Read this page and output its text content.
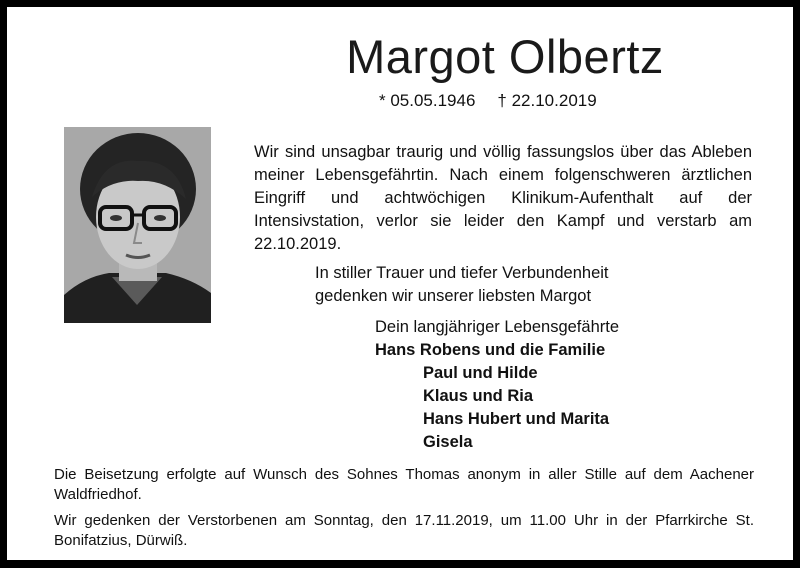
Margot Olbertz
* 05.05.1946 † 22.10.2019
Wir sind unsagbar traurig und völlig fassungslos über das Ableben meiner Lebensgefährtin. Nach einem folgenschweren ärztlichen Eingriff und achtwöchigen Klinikum-Aufenthalt auf der Intensivstation, verlor sie leider den Kampf und verstarb am 22.10.2019.
In stiller Trauer und tiefer Verbundenheit
gedenken wir unserer liebsten Margot
Dein langjähriger Lebensgefährte
Hans Robens und die Familie
Paul und Hilde
Klaus und Ria
Hans Hubert und Marita
Gisela
Die Beisetzung erfolgte auf Wunsch des Sohnes Thomas anonym in aller Stille auf dem Aachener Waldfriedhof.
Wir gedenken der Verstorbenen am Sonntag, den 17.11.2019, um 11.00 Uhr in der Pfarrkirche St. Bonifatzius, Dürwiß.
